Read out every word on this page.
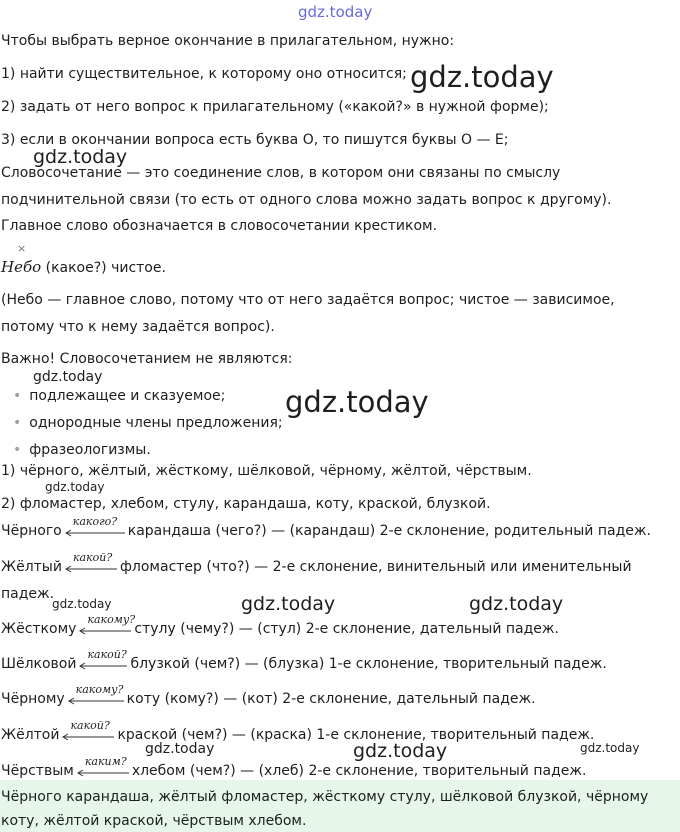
gdz.today
gdz.today
gdz.today
gdz.today
gdz.today
gdz.today
gdz.today	gdz.today	gdz.today
gdz.today	gdz.today	gdz.today
Чтобы выбрать верное окончание в прилагательном, нужно:
1) найти существительное, к которому оно относится;
2) задать от него вопрос к прилагательному («какой?» в нужной форме);
3) если в окончании вопроса есть буква О, то пишутся буквы О — Е;
Словосочетание — это соединение слов, в котором они связаны по смыслу
подчинительной связи (то есть от одного слова можно задать вопрос к другому).
Главное слово обозначается в словосочетании крестиком.
×
Небо (какое?) чистое.
(Небо — главное слово, потому что от него задаётся вопрос; чистое — зависимое,
потому что к нему задаётся вопрос).
Важно! Словосочетанием не являются:
• подлежащее и сказуемое;
• однородные члены предложения;
• фразеологизмы.
1) чёрного, жёлтый, жёсткому, шёлковой, чёрному, жёлтой, чёрствым.
2) фломастер, хлебом, стулу, карандаша, коту, краской, блузкой.
Чёрного
какого?
карандаша (чего?) — (карандаш) 2-е склонение, родительный падеж.
Жёлтый
какой?
фломастер (что?) — 2-е склонение, винительный или именительный
падеж.
Жёсткому
какому?
стулу (чему?) — (стул) 2-е склонение, дательный падеж.
Шёлковой
какой?
блузкой (чем?) — (блузка) 1-е склонение, творительный падеж.
Чёрному
какому?
коту (кому?) — (кот) 2-е склонение, дательный падеж.
Жёлтой
какой?
краской (чем?) — (краска) 1-е склонение, творительный падеж.
Чёрствым
каким?
хлебом (чем?) — (хлеб) 2-е склонение, творительный падеж.
Чёрного карандаша, жёлтый фломастер, жёсткому стулу, шёлковой блузкой, чёрному
коту, жёлтой краской, чёрствым хлебом.
